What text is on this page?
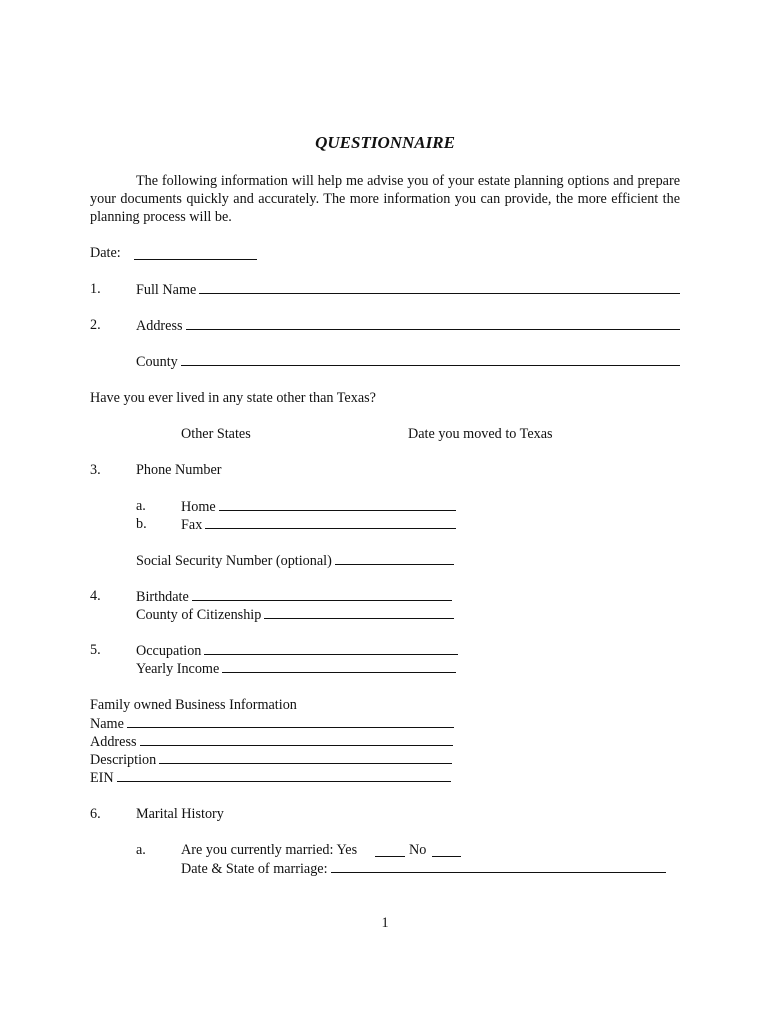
QUESTIONNAIRE
The following information will help me advise you of your estate planning options and prepare your documents quickly and accurately. The more information you can provide, the more efficient the planning process will be.
Date:
1. Full Name
2. Address
County
Have you ever lived in any state other than Texas?
Other States	Date you moved to Texas
3. Phone Number
a. Home
b. Fax
Social Security Number (optional)
4. Birthdate
County of Citizenship
5. Occupation
Yearly Income
Family owned Business Information
Name
Address
Description
EIN
6. Marital History
a. Are you currently married: Yes	No
Date & State of marriage:
1
